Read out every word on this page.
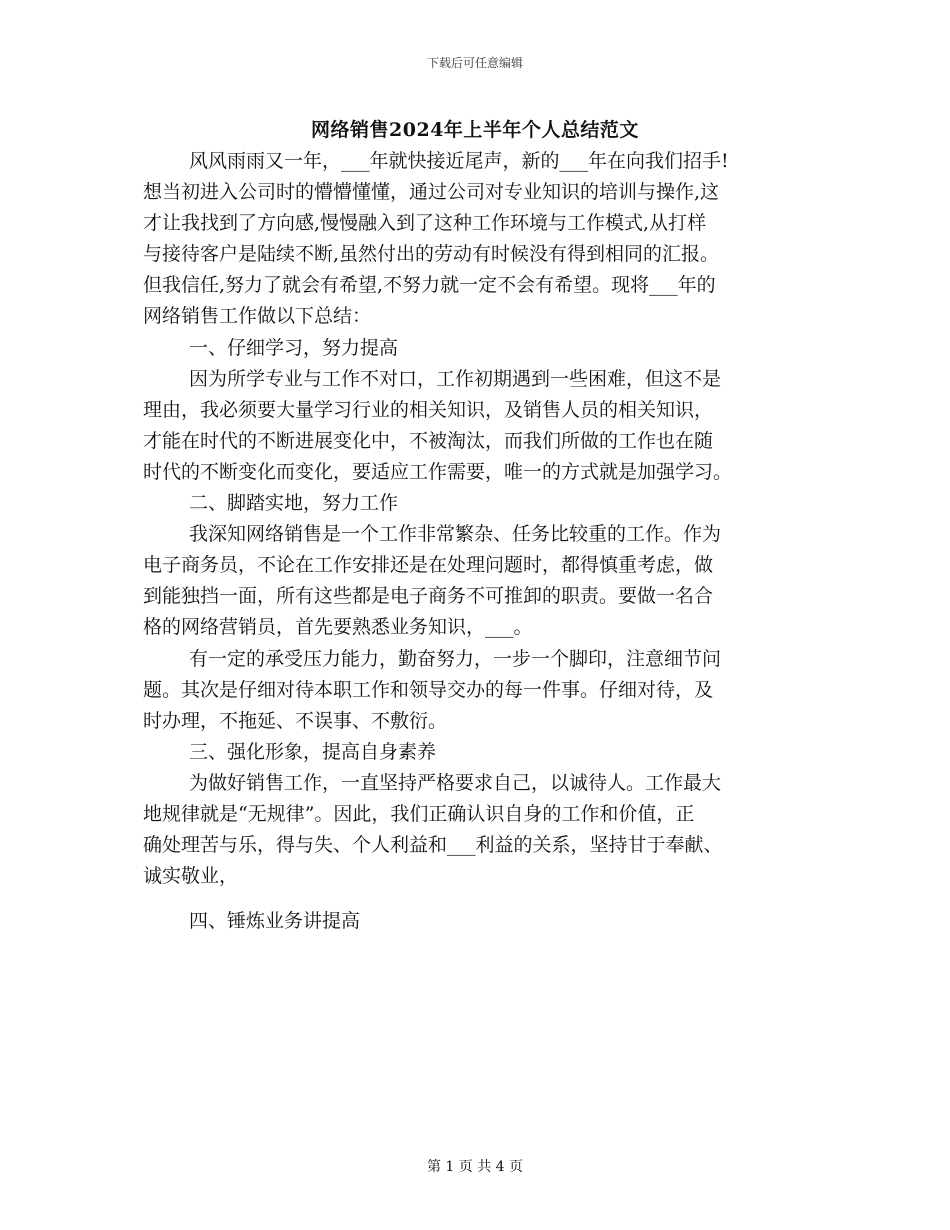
下载后可任意编辑
网络销售2024年上半年个人总结范文
风风雨雨又一年，___年就快接近尾声，新的___年在向我们招手!
想当初进入公司时的懵懵懂懂，通过公司对专业知识的培训与操作,这
才让我找到了方向感,慢慢融入到了这种工作环境与工作模式,从打样
与接待客户是陆续不断,虽然付出的劳动有时候没有得到相同的汇报。
但我信任,努力了就会有希望,不努力就一定不会有希望。现将___年的
网络销售工作做以下总结：
一、仔细学习，努力提高
因为所学专业与工作不对口，工作初期遇到一些困难，但这不是
理由，我必须要大量学习行业的相关知识，及销售人员的相关知识，
才能在时代的不断进展变化中，不被淘汰，而我们所做的工作也在随
时代的不断变化而变化，要适应工作需要，唯一的方式就是加强学习。
二、脚踏实地，努力工作
我深知网络销售是一个工作非常繁杂、任务比较重的工作。作为
电子商务员，不论在工作安排还是在处理问题时，都得慎重考虑，做
到能独挡一面，所有这些都是电子商务不可推卸的职责。要做一名合
格的网络营销员，首先要熟悉业务知识，___。
有一定的承受压力能力，勤奋努力，一步一个脚印，注意细节问
题。其次是仔细对待本职工作和领导交办的每一件事。仔细对待，及
时办理，不拖延、不误事、不敷衍。
三、强化形象，提高自身素养
为做好销售工作，一直坚持严格要求自己，以诚待人。工作最大
地规律就是“无规律”。因此，我们正确认识自身的工作和价值，正
确处理苦与乐，得与失、个人利益和___利益的关系，坚持甘于奉献、
诚实敬业，
四、锤炼业务讲提高
第 1 页 共 4 页
